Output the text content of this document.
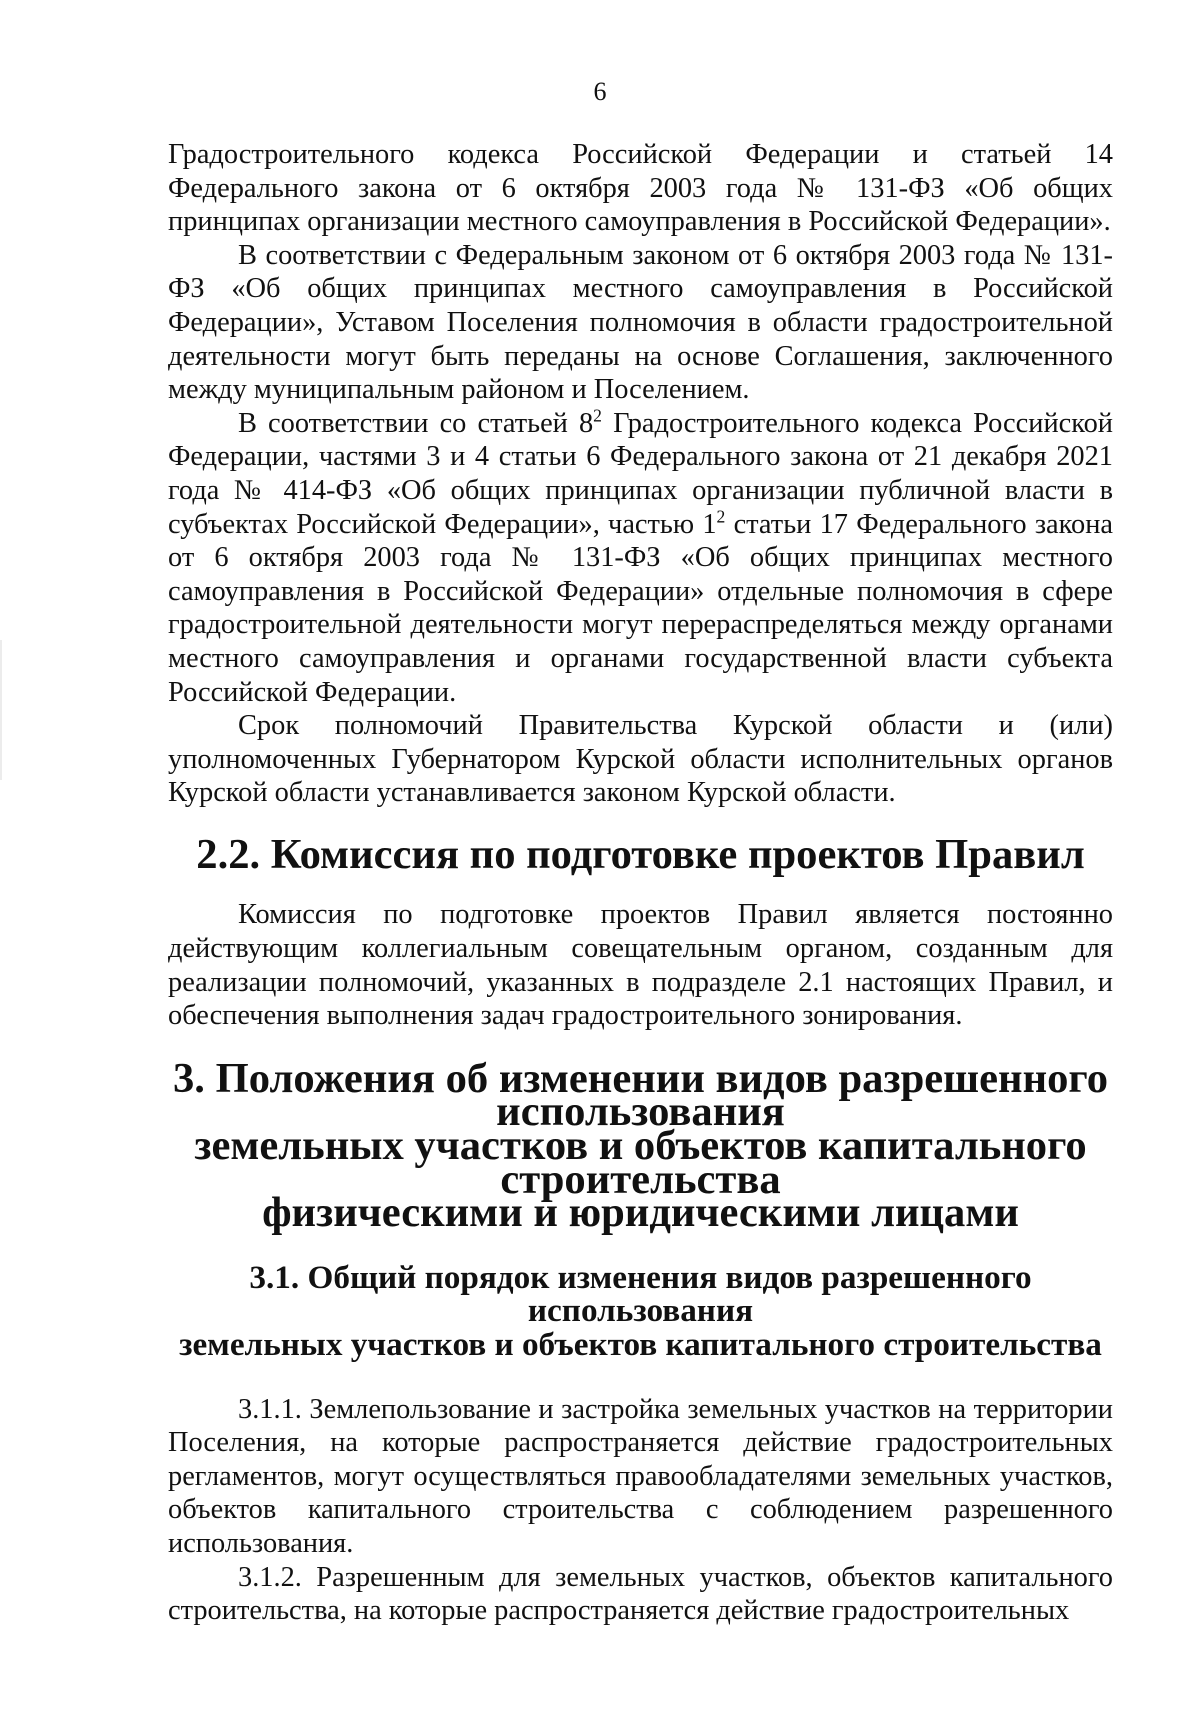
6

Градостроительного кодекса Российской Федерации и статьей 14 Федерального закона от 6 октября 2003 года № 131-ФЗ «Об общих принципах организации местного самоуправления в Российской Федерации».

В соответствии с Федеральным законом от 6 октября 2003 года № 131-ФЗ «Об общих принципах местного самоуправления в Российской Федерации», Уставом Поселения полномочия в области градостроительной деятельности могут быть переданы на основе Соглашения, заключенного между муниципальным районом и Поселением.

В соответствии со статьей $8^2$ Градостроительного кодекса Российской Федерации, частями 3 и 4 статьи 6 Федерального закона от 21 декабря 2021 года № 414-ФЗ «Об общих принципах организации публичной власти в субъектах Российской Федерации», частью $1^2$ статьи 17 Федерального закона от 6 октября 2003 года № 131-ФЗ «Об общих принципах местного самоуправления в Российской Федерации» отдельные полномочия в сфере градостроительной деятельности могут перераспределяться между органами местного самоуправления и органами государственной власти субъекта Российской Федерации.

Срок полномочий Правительства Курской области и (или) уполномоченных Губернатором Курской области исполнительных органов Курской области устанавливается законом Курской области.

2.2. Комиссия по подготовке проектов Правил

Комиссия по подготовке проектов Правил является постоянно действующим коллегиальным совещательным органом, созданным для реализации полномочий, указанных в подразделе 2.1 настоящих Правил, и обеспечения выполнения задач градостроительного зонирования.

3. Положения об изменении видов разрешенного использования
земельных участков и объектов капитального строительства
физическими и юридическими лицами
3.1. Общий порядок изменения видов разрешенного использования
земельных участков и объектов капитального строительства

3.1.1. Землепользование и застройка земельных участков на территории Поселения, на которые распространяется действие градостроительных регламентов, могут осуществляться правообладателями земельных участков, объектов капитального строительства с соблюдением разрешенного использования.

3.1.2. Разрешенным для земельных участков, объектов капитального строительства, на которые распространяется действие градостроительных
